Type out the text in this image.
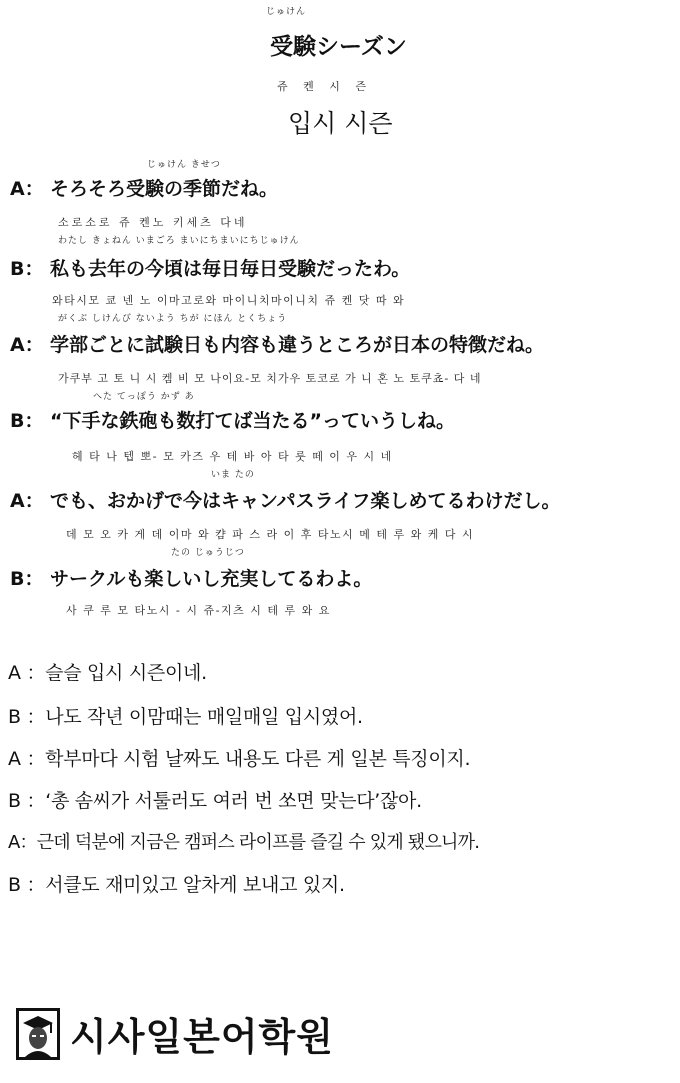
じゅけん
受験シーズン
쥬 켄 시 즌
입시 시즌
じゅけん きせつ
A： そろそろ受験の季節だね。
소로소로 쥬 켄노 키세츠 다네
わたし きょねん いまごろ まいにちまいにちじゅけん
B： 私も去年の今頃は毎日毎日受験だったわ。
와타시모 쿄 넨 노 이마고로와 마이니치마이니치 쥬 켄 닷 따 와
がくぶ しけんび ないよう ちが にほん とくちょう
A： 学部ごとに試験日も内容も違うところが日本の特徴だね。
가쿠부 고 토 니 시 켐 비 모 나이요-모 치가우 토코로 가 니 혼 노 토쿠쵸- 다 네
へた てっぽう かず あ
B： “下手な鉄砲も数打てば当たる”っていうしね。
헤 타 나 텝 뽀- 모 카즈 우 테 바 아 타 룻 떼 이 우 시 네
いま たの
A： でも、おかげで今はキャンパスライフ楽しめてるわけだし。
데 모 오 카 게 데 이마 와 캼 파 스 라 이 후 타노시 메 테 루 와 케 다 시
たの じゅうじつ
B： サークルも楽しいし充実してるわよ。
사 쿠 루 모 타노시 - 시 쥬-지츠 시 테 루 와 요
A ：슬슬 입시 시즌이네.
B ：나도 작년 이맘때는 매일매일 입시였어.
A ：학부마다 시험 날짜도 내용도 다른 게 일본 특징이지.
B ：‘총 솜씨가 서툴러도 여러 번 쏘면 맞는다’잖아.
A：근데 덕분에 지금은 캠퍼스 라이프를 즐길 수 있게 됐으니까.
B ：서클도 재미있고 알차게 보내고 있지.
시사일본어학원
